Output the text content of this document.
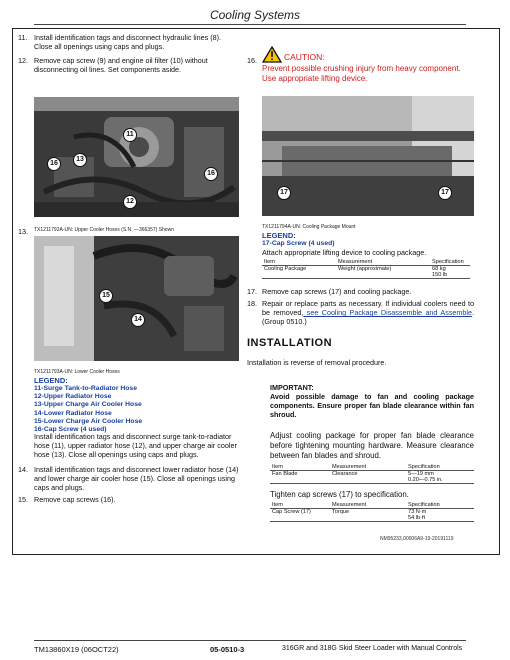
Cooling Systems
11. Install identification tags and disconnect hydraulic lines (8). Close all openings using caps and plugs.
12. Remove cap screw (9) and engine oil filter (10) without disconnecting oil lines. Set components aside.
11
13
16
16
12
TX1211792A-UN: Upper Cooler Hoses (S.N. —366357) Shown
13.
15
14
TX1211793A-UN: Lower Cooler Hoses
LEGEND:
11-Surge Tank-to-Radiator Hose
12-Upper Radiator Hose
13-Upper Charge Air Cooler Hose
14-Lower Radiator Hose
15-Lower Charge Air Cooler Hose
16-Cap Screw (4 used)
Install identification tags and disconnect surge tank-to-radiator hose (11), upper radiator hose (12), and upper charge air cooler hose (13). Close all openings using caps and plugs.
14. Install identification tags and disconnect lower radiator hose (14) and lower charge air cooler hose (15). Close all openings using caps and plugs.
15. Remove cap screws (16).
16.	CAUTION:
Prevent possible crushing injury from heavy component. Use appropriate lifting device.
17	17
TX1211794A-UN: Cooling Package Mount
LEGEND:
17-Cap Screw (4 used)
Attach appropriate lifting device to cooling package.
Item	Measurement	Specification
Cooling Package	Weight (approximate)	68 kg
150 lb
17. Remove cap screws (17) and cooling package.
18. Repair or replace parts as necessary. If individual coolers need to be removed, see Cooling Package Disassemble and Assemble. (Group 0510.)
INSTALLATION
Installation is reverse of removal procedure.
IMPORTANT:
Avoid possible damage to fan and cooling package components. Ensure proper fan blade clearance within fan shroud.
Adjust cooling package for proper fan blade clearance before tightening mounting hardware. Measure clearance between fan blades and shroud.
Item	Measurement	Specification
Fan Blade	Clearance	5—19 mm
0.20—0.75 in.
Tighten cap screws (17) to specification.
Item	Measurement	Specification
Cap Screw (17)	Torque	73 N·m
54 lb·ft
NM95233,00006A9-19-20191119
TM13860X19 (06OCT22)	05-0510-3	316GR and 318G Skid Steer Loader with Manual Controls
